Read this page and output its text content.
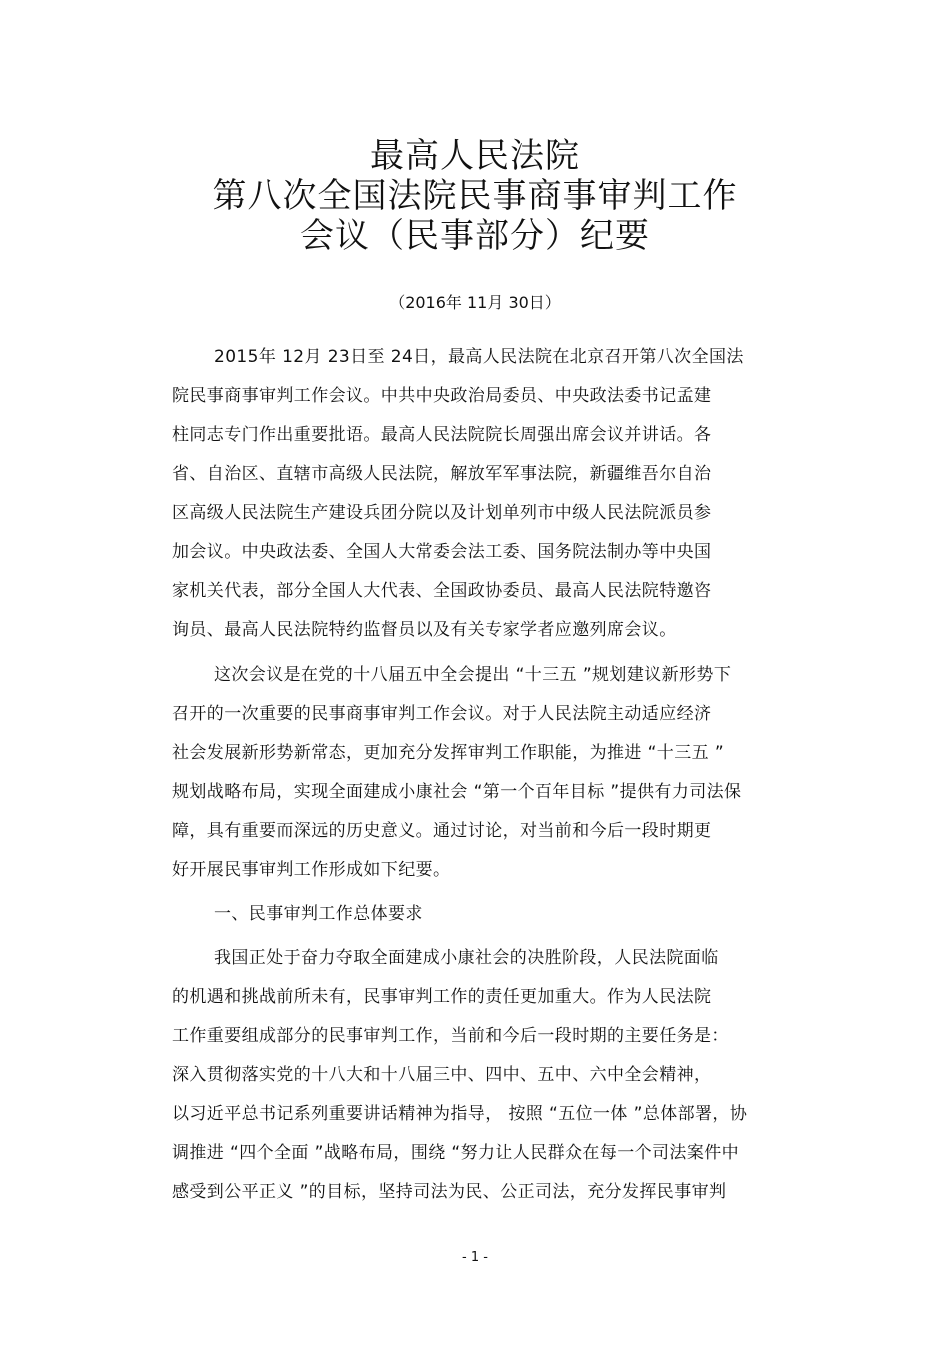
最高人民法院
第八次全国法院民事商事审判工作
会议（民事部分）纪要
（2016年 11月 30日）
2015年 12月 23日至 24日，最高人民法院在北京召开第八次全国法
院民事商事审判工作会议。中共中央政治局委员、中央政法委书记孟建
柱同志专门作出重要批语。最高人民法院院长周强出席会议并讲话。各
省、自治区、直辖市高级人民法院，解放军军事法院，新疆维吾尔自治
区高级人民法院生产建设兵团分院以及计划单列市中级人民法院派员参
加会议。中央政法委、全国人大常委会法工委、国务院法制办等中央国
家机关代表，部分全国人大代表、全国政协委员、最高人民法院特邀咨
询员、最高人民法院特约监督员以及有关专家学者应邀列席会议。
这次会议是在党的十八届五中全会提出 “十三五 ”规划建议新形势下
召开的一次重要的民事商事审判工作会议。对于人民法院主动适应经济
社会发展新形势新常态，更加充分发挥审判工作职能，为推进 “十三五 ”
规划战略布局，实现全面建成小康社会 “第一个百年目标 ”提供有力司法保
障，具有重要而深远的历史意义。通过讨论，对当前和今后一段时期更
好开展民事审判工作形成如下纪要。
一、民事审判工作总体要求
我国正处于奋力夺取全面建成小康社会的决胜阶段，人民法院面临
的机遇和挑战前所未有，民事审判工作的责任更加重大。作为人民法院
工作重要组成部分的民事审判工作，当前和今后一段时期的主要任务是：
深入贯彻落实党的十八大和十八届三中、四中、五中、六中全会精神，
以习近平总书记系列重要讲话精神为指导， 按照 “五位一体 ”总体部署，协
调推进 “四个全面 ”战略布局，围绕 “努力让人民群众在每一个司法案件中
感受到公平正义 ”的目标，坚持司法为民、公正司法，充分发挥民事审判
- 1 -
